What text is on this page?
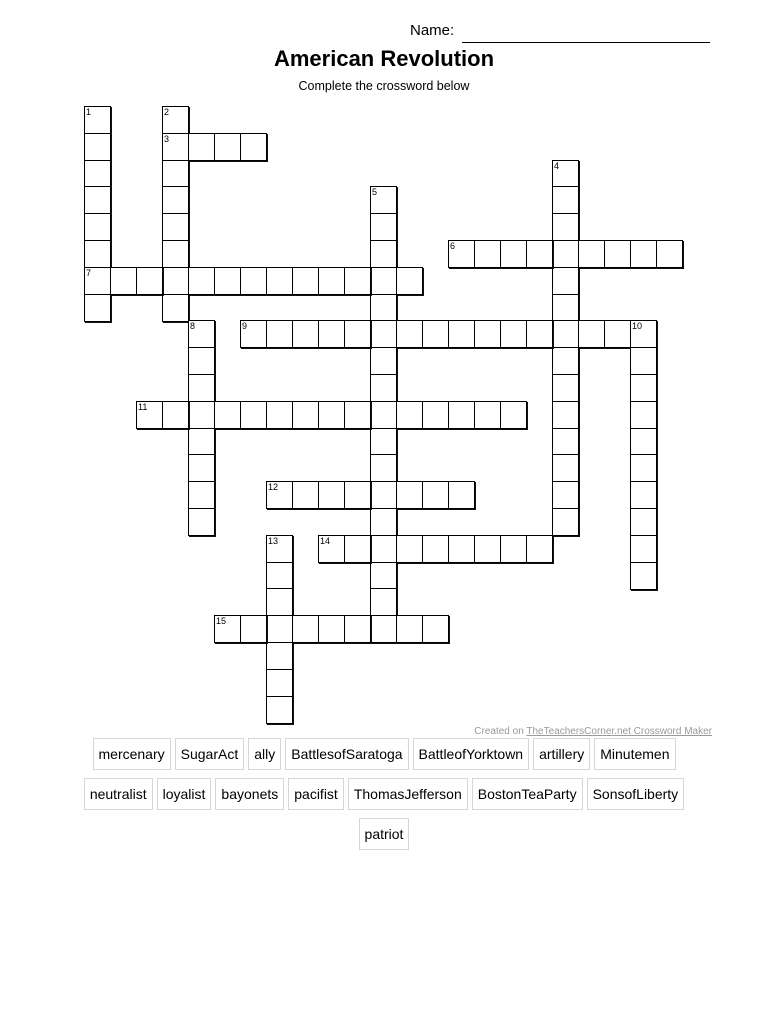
Name:
American Revolution
Complete the crossword below
1
7
2
3
4
5
6
8	9	10
11
12
13	14
15
Created on TheTeachersCorner.net Crossword Maker
mercenary	SugarAct	ally	BattlesofSaratoga	BattleofYorktown	artillery	Minutemen
neutralist	loyalist	bayonets	pacifist	ThomasJefferson	BostonTeaParty	SonsofLiberty
patriot
